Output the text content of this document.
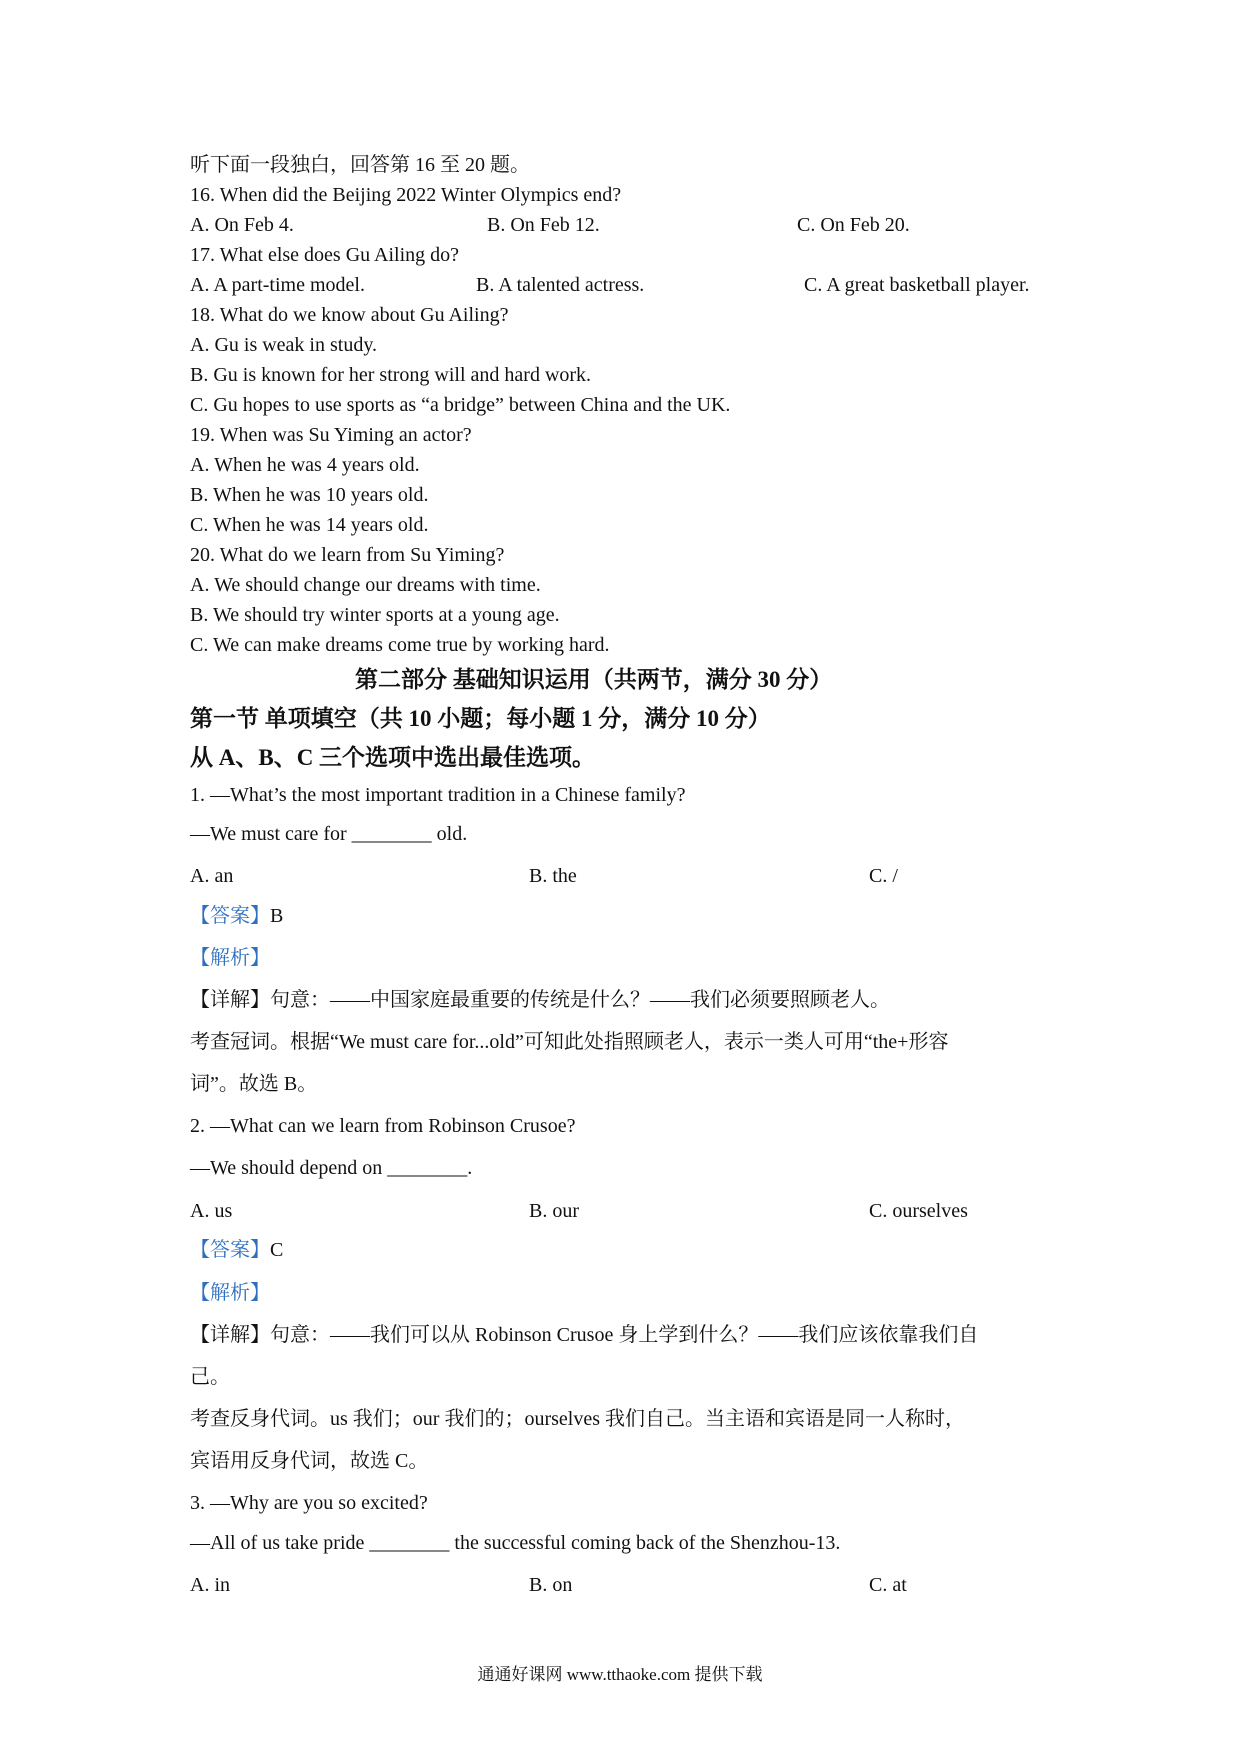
听下面一段独白，回答第 16 至 20 题。
16. When did the Beijing 2022 Winter Olympics end?
A. On Feb 4.	B. On Feb 12.	C. On Feb 20.
17. What else does Gu Ailing do?
A. A part-time model.	B. A talented actress.	C. A great basketball player.
18. What do we know about Gu Ailing?
A. Gu is weak in study.
B. Gu is known for her strong will and hard work.
C. Gu hopes to use sports as “a bridge” between China and the UK.
19. When was Su Yiming an actor?
A. When he was 4 years old.
B. When he was 10 years old.
C. When he was 14 years old.
20. What do we learn from Su Yiming?
A. We should change our dreams with time.
B. We should try winter sports at a young age.
C. We can make dreams come true by working hard.
第二部分 基础知识运用（共两节，满分 30 分）
第一节 单项填空（共 10 小题；每小题 1 分，满分 10 分）
从 A、B、C 三个选项中选出最佳选项。
1. —What’s the most important tradition in a Chinese family?
—We must care for ________ old.
A. an	B. the	C. /
【答案】B
【解析】
【详解】句意：——中国家庭最重要的传统是什么？——我们必须要照顾老人。
考查冠词。根据“We must care for...old”可知此处指照顾老人，表示一类人可用“the+形容
词”。故选 B。
2. —What can we learn from Robinson Crusoe?
—We should depend on ________.
A. us	B. our	C. ourselves
【答案】C
【解析】
【详解】句意：——我们可以从 Robinson Crusoe 身上学到什么？——我们应该依靠我们自
己。
考查反身代词。us 我们；our 我们的；ourselves 我们自己。当主语和宾语是同一人称时，
宾语用反身代词，故选 C。
3. —Why are you so excited?
—All of us take pride ________ the successful coming back of the Shenzhou-13.
A. in	B. on	C. at
通通好课网 www.tthaoke.com 提供下载
